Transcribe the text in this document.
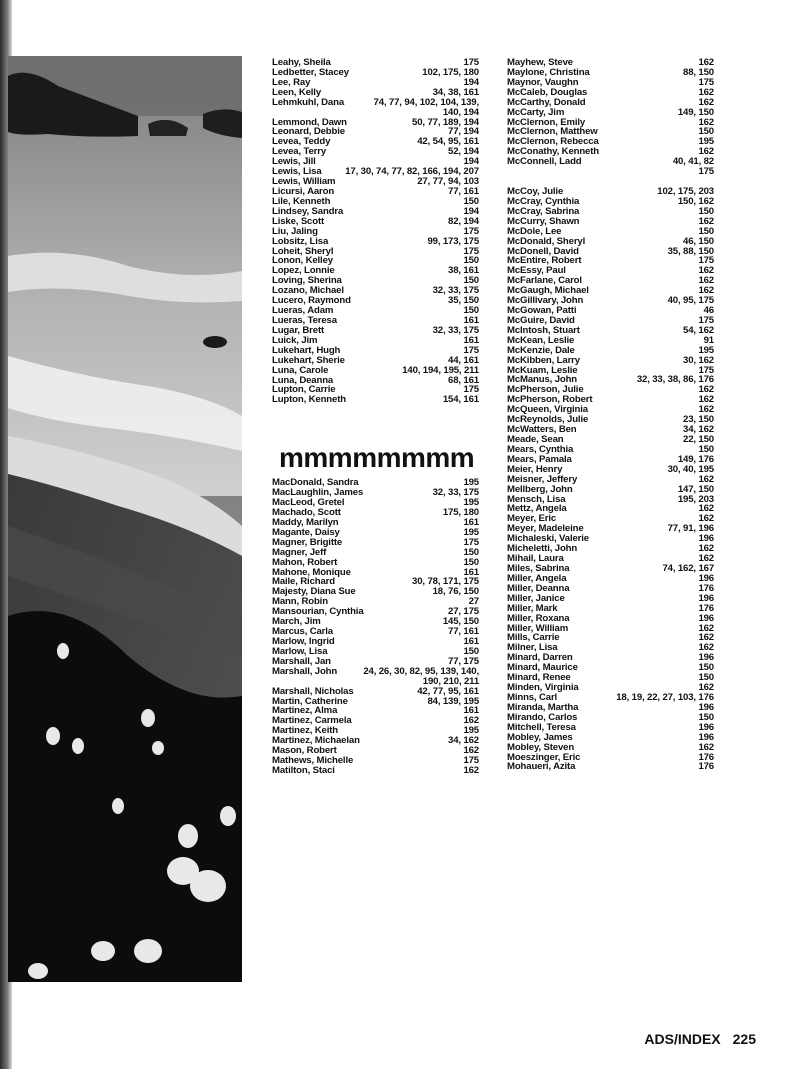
Leahy, Sheila	175
Ledbetter, Stacey	102, 175, 180
Lee, Ray	194
Leen, Kelly	34, 38, 161
Lehmkuhl, Dana	74, 77, 94, 102, 104, 139,
140, 194
Lemmond, Dawn	50, 77, 189, 194
Leonard, Debbie	77, 194
Levea, Teddy	42, 54, 95, 161
Levea, Terry	52, 194
Lewis, Jill	194
Lewis, Lisa 17, 30, 74, 77, 82, 166, 194, 207
Lewis, William	27, 77, 94, 103
Licursi, Aaron	77, 161
Lile, Kenneth	150
Lindsey, Sandra	194
Liske, Scott	82, 194
Liu, Jaling	175
Lobsitz, Lisa	99, 173, 175
Loheit, Sheryl	175
Lonon, Kelley	150
Lopez, Lonnie	38, 161
Loving, Sherina	150
Lozano, Michael	32, 33, 175
Lucero, Raymond	35, 150
Lueras, Adam	150
Lueras, Teresa	161
Lugar, Brett	32, 33, 175
Luick, Jim	161
Lukehart, Hugh	175
Lukehart, Sherie	44, 161
Luna, Carole	140, 194, 195, 211
Luna, Deanna	68, 161
Lupton, Carrie	175
Lupton, Kenneth	154, 161
mmmmmmmm
MacDonald, Sandra	195
MacLaughlin, James	32, 33, 175
MacLeod, Gretel	195
Machado, Scott	175, 180
Maddy, Marilyn	161
Magante, Daisy	195
Magner, Brigitte	175
Magner, Jeff	150
Mahon, Robert	150
Mahone, Monique	161
Maile, Richard	30, 78, 171, 175
Majesty, Diana Sue	18, 76, 150
Mann, Robin	27
Mansourian, Cynthia	27, 175
March, Jim	145, 150
Marcus, Carla	77, 161
Marlow, Ingrid	161
Marlow, Lisa	150
Marshall, Jan	77, 175
Marshall, John	24, 26, 30, 82, 95, 139, 140,
190, 210, 211
Marshall, Nicholas	42, 77, 95, 161
Martin, Catherine	84, 139, 195
Martinez, Alma	161
Martinez, Carmela	162
Martinez, Keith	195
Martinez, Michaelan	34, 162
Mason, Robert	162
Mathews, Michelle	175
Matilton, Staci	162
Mayhew, Steve	162
Maylone, Christina	88, 150
Maynor, Vaughn	175
McCaleb, Douglas	162
McCarthy, Donald	162
McCarty, Jim	149, 150
McClernon, Emily	162
McClernon, Matthew	150
McClernon, Rebecca	195
McConathy, Kenneth	162
McConnell, Ladd	40, 41, 82
175
McCoy, Julie	102, 175, 203
McCray, Cynthia	150, 162
McCray, Sabrina	150
McCurry, Shawn	162
McDole, Lee	150
McDonald, Sheryl	46, 150
McDonell, David	35, 88, 150
McEntire, Robert	175
McEssy, Paul	162
McFarlane, Carol	162
McGaugh, Michael	162
McGillivary, John	40, 95, 175
McGowan, Patti	46
McGuire, David	175
McIntosh, Stuart	54, 162
McKean, Leslie	91
McKenzie, Dale	195
McKibben, Larry	30, 162
McKuam, Leslie	175
McManus, John	32, 33, 38, 86, 176
McPherson, Julie	162
McPherson, Robert	162
McQueen, Virginia	162
McReynolds, Julie	23, 150
McWatters, Ben	34, 162
Meade, Sean	22, 150
Mears, Cynthia	150
Mears, Pamala	149, 176
Meier, Henry	30, 40, 195
Meisner, Jeffery	162
Mellberg, John	147, 150
Mensch, Lisa	195, 203
Mettz, Angela	162
Meyer, Eric	162
Meyer, Madeleine	77, 91, 196
Michaleski, Valerie	196
Micheletti, John	162
Mihail, Laura	162
Miles, Sabrina	74, 162, 167
Miller, Angela	196
Miller, Deanna	176
Miller, Janice	196
Miller, Mark	176
Miller, Roxana	196
Miller, William	162
Mills, Carrie	162
Milner, Lisa	162
Minard, Darren	196
Minard, Maurice	150
Minard, Renee	150
Minden, Virginia	162
Minns, Carl	18, 19, 22, 27, 103, 176
Miranda, Martha	196
Mirando, Carlos	150
Mitchell, Teresa	196
Mobley, James	196
Mobley, Steven	162
Moeszinger, Eric	176
Mohaueri, Azita	176
ADS/INDEX 225
